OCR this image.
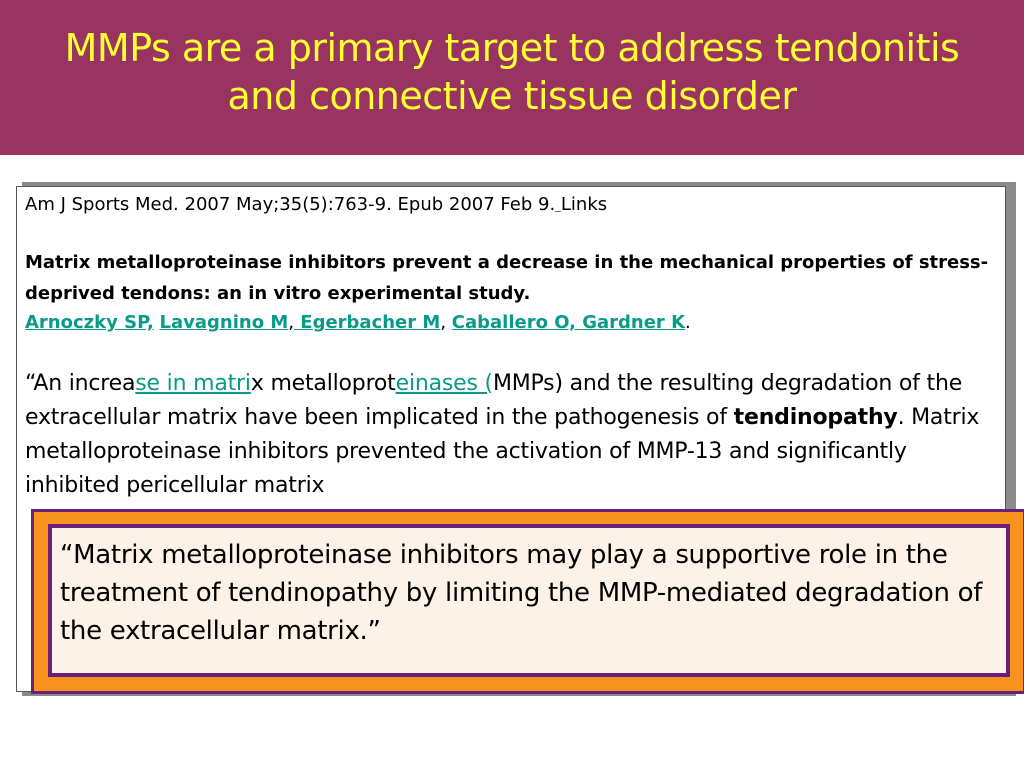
MMPs are a primary target to address tendonitis
and connective tissue disorder
Am J Sports Med. 2007 May;35(5):763-9. Epub 2007 Feb 9. Links
Matrix metalloproteinase inhibitors prevent a decrease in the mechanical properties of stress-deprived tendons: an in vitro experimental study.
Arnoczky SP, Lavagnino M, Egerbacher M, Caballero O, Gardner K.
“An increase in matrix metalloproteinases (MMPs) and the resulting degradation of the extracellular matrix have been implicated in the pathogenesis of tendinopathy. Matrix metalloproteinase inhibitors prevented the activation of MMP-13 and significantly inhibited pericellular matrix
“Matrix metalloproteinase inhibitors may play a supportive role in the treatment of tendinopathy by limiting the MMP-mediated degradation of the extracellular matrix.”
